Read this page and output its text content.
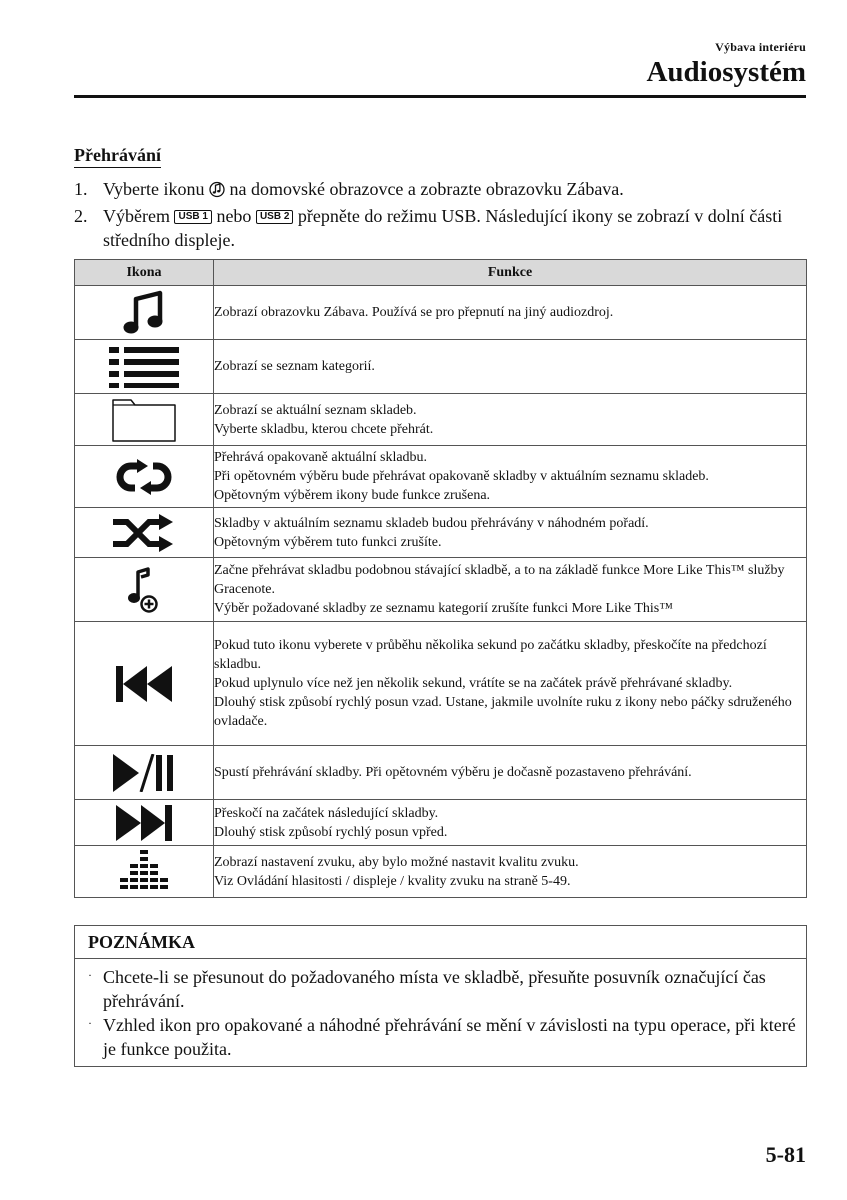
Výbava interiéru
Audiosystém
Přehrávání
1. Vyberte ikonu na domovské obrazovce a zobrazte obrazovku Zábava.
2. Výběrem USB 1 nebo USB 2 přepněte do režimu USB. Následující ikony se zobrazí v dolní části středního displeje.
Ikona	Funkce

Zobrazí obrazovku Zábava. Používá se pro přepnutí na jiný audiozdroj.

Zobrazí se seznam kategorií.

Zobrazí se aktuální seznam skladeb.
Vyberte skladbu, kterou chcete přehrát.

Přehrává opakovaně aktuální skladbu.
Při opětovném výběru bude přehrávat opakovaně skladby v aktuálním seznamu skladeb.
Opětovným výběrem ikony bude funkce zrušena.

Skladby v aktuálním seznamu skladeb budou přehrávány v náhodném pořadí.
Opětovným výběrem tuto funkci zrušíte.

Začne přehrávat skladbu podobnou stávající skladbě, a to na základě funkce More Like This™ služby Gracenote.
Výběr požadované skladby ze seznamu kategorií zrušíte funkci More Like This™

Pokud tuto ikonu vyberete v průběhu několika sekund po začátku skladby, přeskočíte na předchozí skladbu.
Pokud uplynulo více než jen několik sekund, vrátíte se na začátek právě přehrávané skladby.
Dlouhý stisk způsobí rychlý posun vzad. Ustane, jakmile uvolníte ruku z ikony nebo páčky sdruženého ovladače.

Spustí přehrávání skladby. Při opětovném výběru je dočasně pozastaveno přehrávání.

Přeskočí na začátek následující skladby.
Dlouhý stisk způsobí rychlý posun vpřed.

Zobrazí nastavení zvuku, aby bylo možné nastavit kvalitu zvuku.
Viz Ovládání hlasitosti / displeje / kvality zvuku na straně 5-49.
POZNÁMKA
· Chcete-li se přesunout do požadovaného místa ve skladbě, přesuňte posuvník označující čas přehrávání.
· Vzhled ikon pro opakované a náhodné přehrávání se mění v závislosti na typu operace, při které je funkce použita.
5-81
